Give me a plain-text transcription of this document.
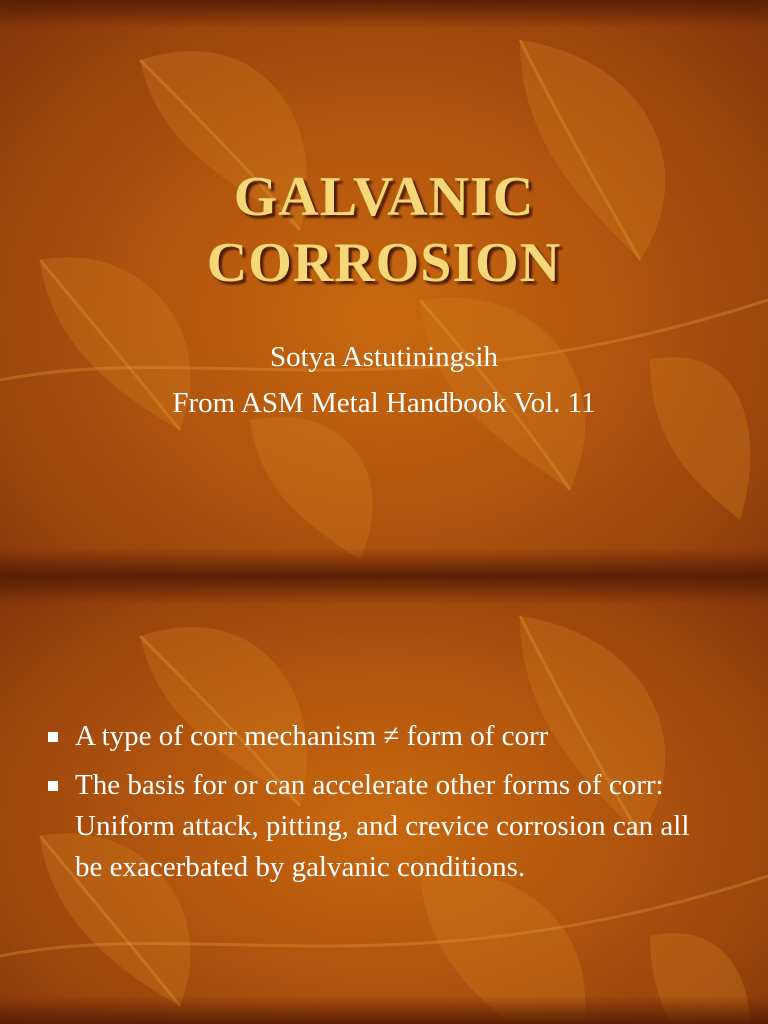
GALVANIC
CORROSION
Sotya Astutiningsih
From ASM Metal Handbook Vol. 11
A type of corr mechanism ≠ form of corr
The basis for or can accelerate other forms of corr: Uniform attack, pitting, and crevice corrosion can all be exacerbated by galvanic conditions.
